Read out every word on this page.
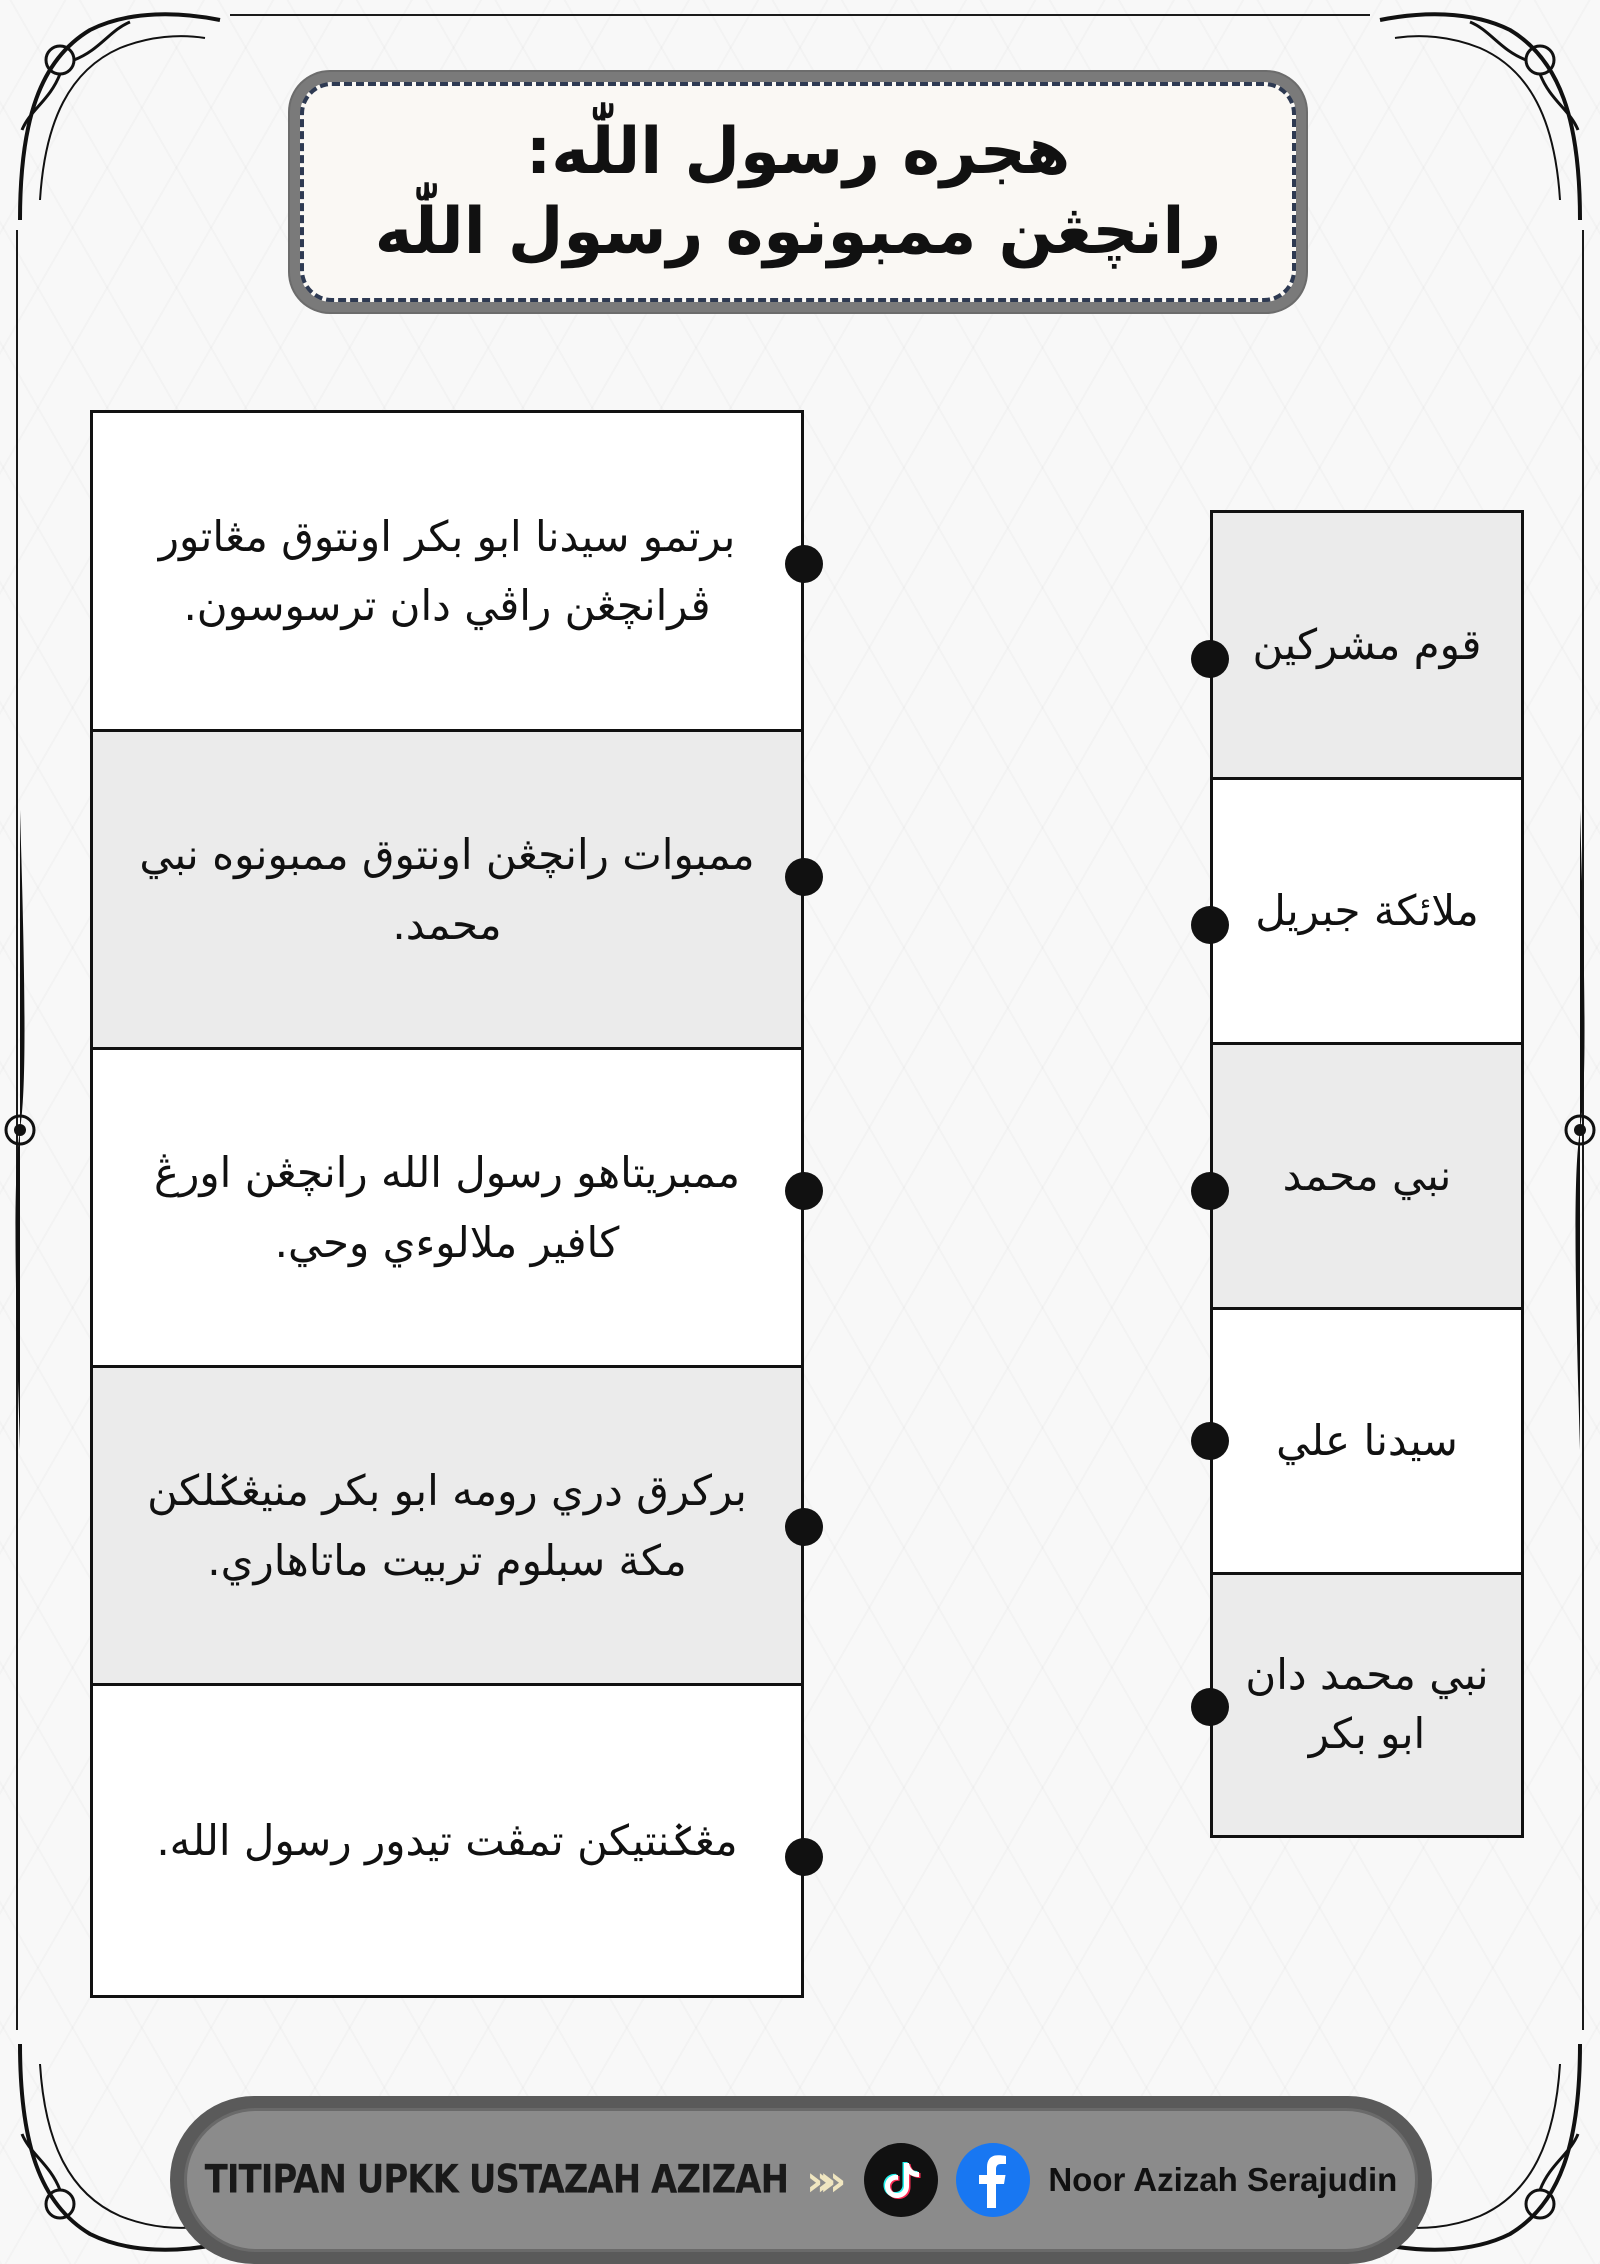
هجره رسول اللّٰه:
رانچڠن ممبونوه رسول اللّٰه
برتمو سيدنا ابو بكر اونتوق مڠاتور ڤرانچڠن راڤي دان ترسوسون.
ممبوات رانچڠن اونتوق ممبونوه نبي محمد.
ممبريتاهو رسول الله رانچڠن اورڠ كافير ملالوءي وحي.
بركرق دري رومه ابو بكر منيڠݢلكن مكة سبلوم تربيت ماتاهاري.
مڠݢنتيكن تمڤت تيدور رسول الله.
قوم مشركين
ملائكة جبريل
نبي محمد
سيدنا علي
نبي محمد دان ابو بكر
TITIPAN UPKK USTAZAH AZIZAH »»	Noor Azizah Serajudin
